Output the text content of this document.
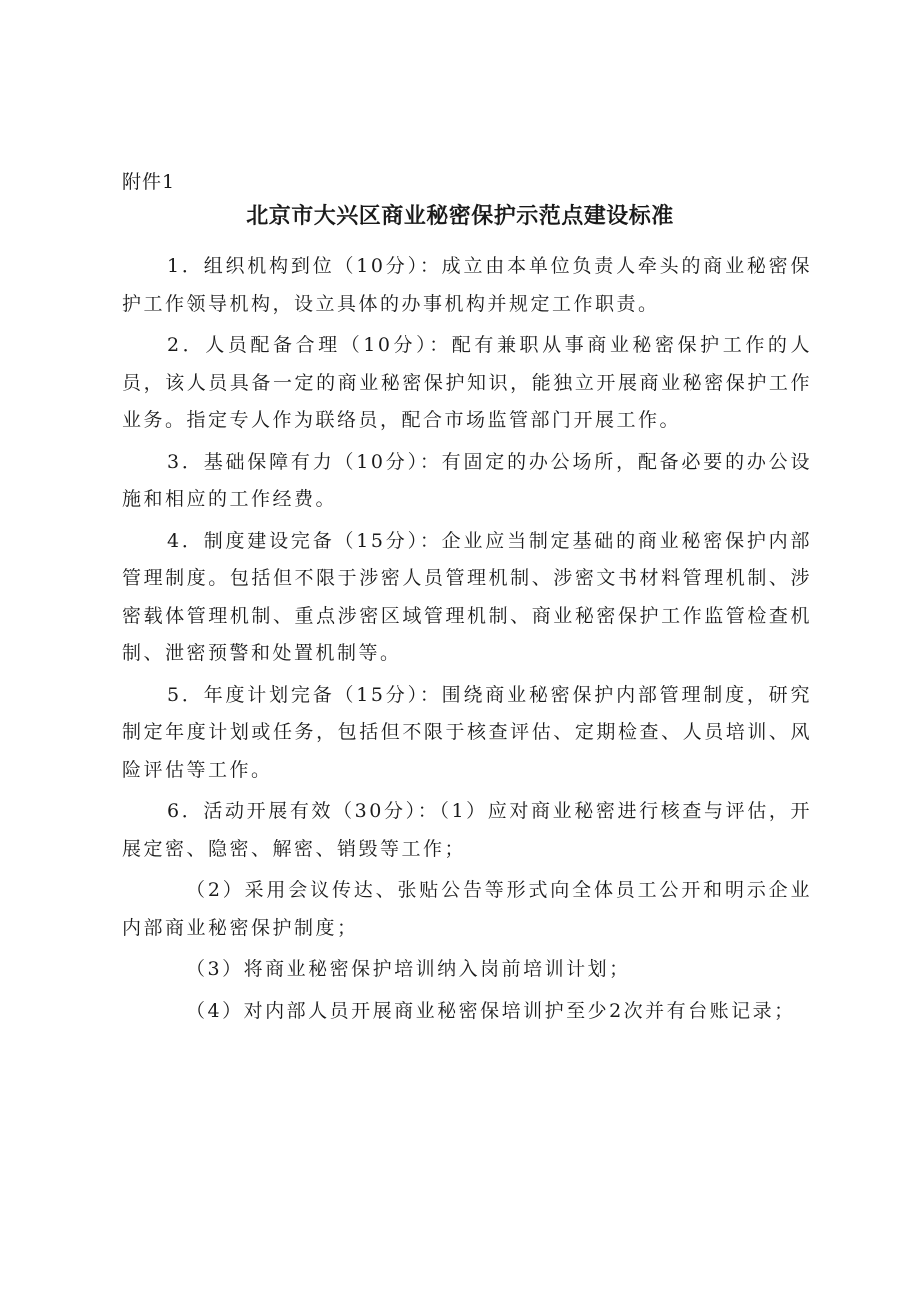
附件1
北京市大兴区商业秘密保护示范点建设标准

1．组织机构到位（10分）：成立由本单位负责人牵头的商业秘密保护工作领导机构，设立具体的办事机构并规定工作职责。

2．人员配备合理（10分）：配有兼职从事商业秘密保护工作的人员，该人员具备一定的商业秘密保护知识，能独立开展商业秘密保护工作业务。指定专人作为联络员，配合市场监管部门开展工作。

3．基础保障有力（10分）：有固定的办公场所，配备必要的办公设施和相应的工作经费。

4．制度建设完备（15分）：企业应当制定基础的商业秘密保护内部管理制度。包括但不限于涉密人员管理机制、涉密文书材料管理机制、涉密载体管理机制、重点涉密区域管理机制、商业秘密保护工作监管检查机制、泄密预警和处置机制等。

5．年度计划完备（15分）：围绕商业秘密保护内部管理制度，研究制定年度计划或任务，包括但不限于核查评估、定期检查、人员培训、风险评估等工作。

6．活动开展有效（30分）：（1）应对商业秘密进行核查与评估，开展定密、隐密、解密、销毁等工作；

（2）采用会议传达、张贴公告等形式向全体员工公开和明示企业内部商业秘密保护制度；

（3）将商业秘密保护培训纳入岗前培训计划；

（4）对内部人员开展商业秘密保培训护至少2次并有台账记录；
